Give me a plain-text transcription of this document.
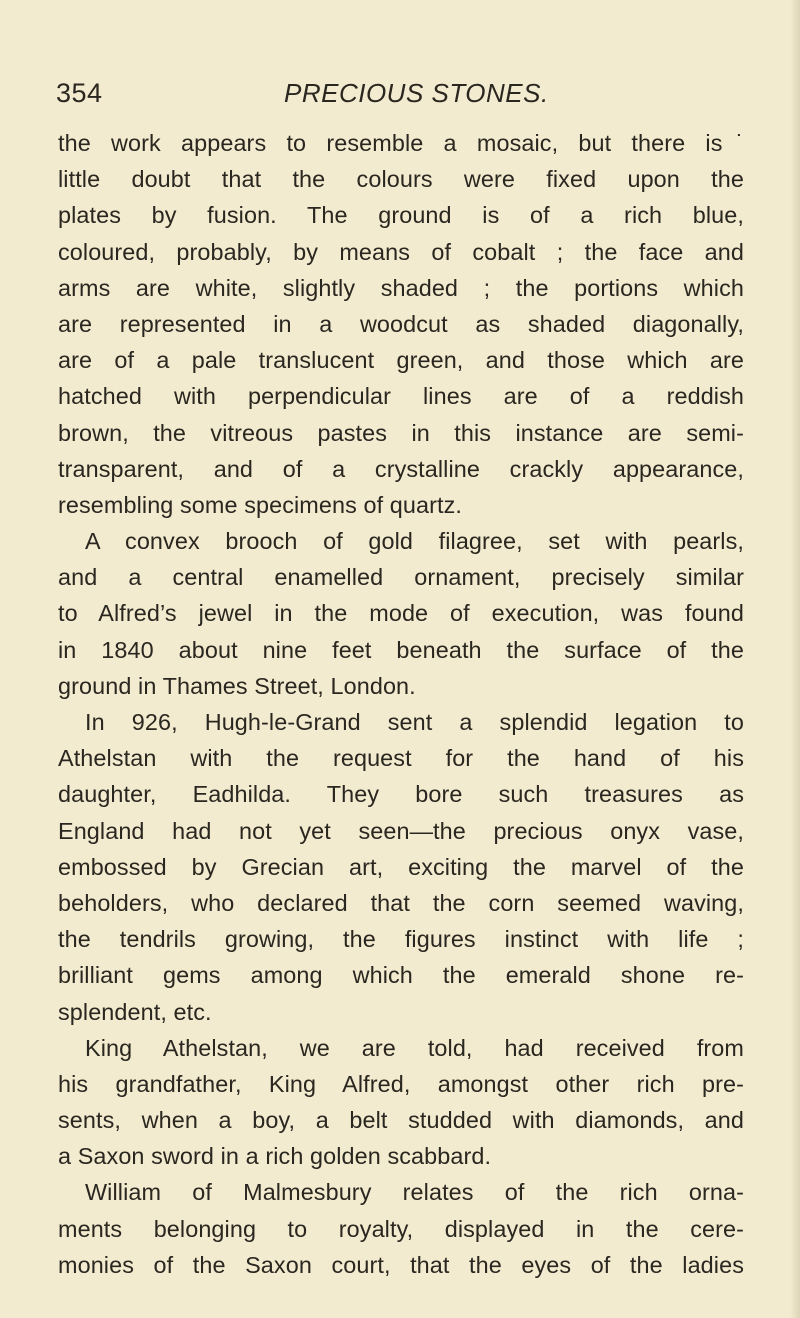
354	PRECIOUS STONES.
the work appears to resemble a mosaic, but there is˙
little doubt that the colours were fixed upon the
plates by fusion. The ground is of a rich blue,
coloured, probably, by means of cobalt ; the face and
arms are white, slightly shaded ; the portions which
are represented in a woodcut as shaded diagonally,
are of a pale translucent green, and those which are
hatched with perpendicular lines are of a reddish
brown, the vitreous pastes in this instance are semi-
transparent, and of a crystalline crackly appearance,
resembling some specimens of quartz.
A convex brooch of gold filagree, set with pearls,
and a central enamelled ornament, precisely similar
to Alfred’s jewel in the mode of execution, was found
in 1840 about nine feet beneath the surface of the
ground in Thames Street, London.
In 926, Hugh-le-Grand sent a splendid legation to
Athelstan with the request for the hand of his
daughter, Eadhilda. They bore such treasures as
England had not yet seen—the precious onyx vase,
embossed by Grecian art, exciting the marvel of the
beholders, who declared that the corn seemed waving,
the tendrils growing, the figures instinct with life ;
brilliant gems among which the emerald shone re-
splendent, etc.
King Athelstan, we are told, had received from
his grandfather, King Alfred, amongst other rich pre-
sents, when a boy, a belt studded with diamonds, and
a Saxon sword in a rich golden scabbard.
William of Malmesbury relates of the rich orna-
ments belonging to royalty, displayed in the cere-
monies of the Saxon court, that the eyes of the ladies
